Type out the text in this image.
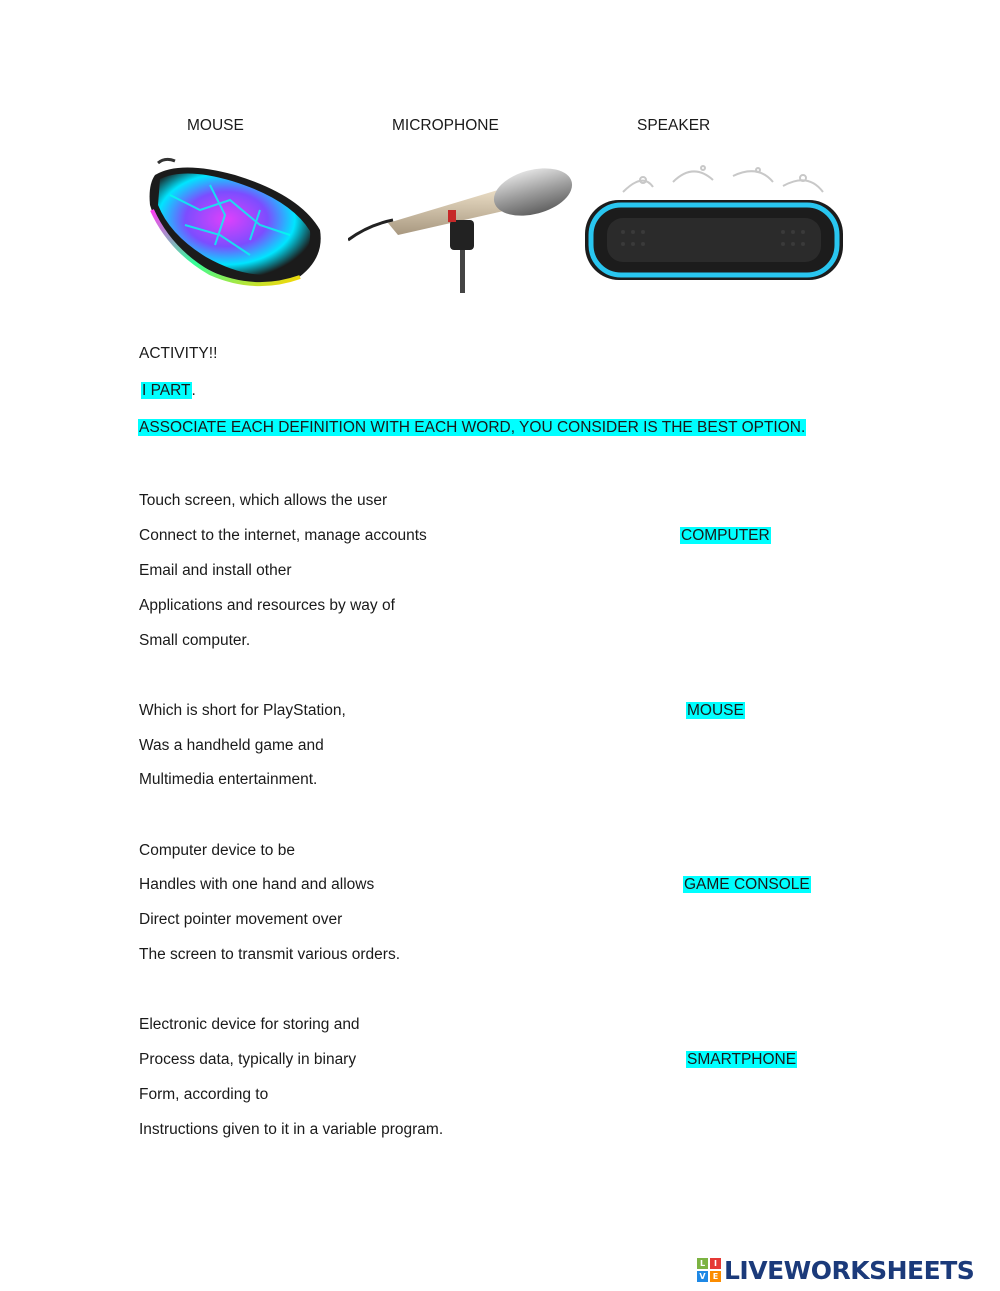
MOUSE	MICROPHONE	SPEAKER
ACTIVITY!!
I PART.
ASSOCIATE EACH DEFINITION WITH EACH WORD, YOU CONSIDER IS THE BEST OPTION.
Touch screen, which allows the user
Connect to the internet, manage accounts
Email and install other
Applications and resources by way of
Small computer.
COMPUTER
Which is short for PlayStation,
Was a handheld game and
Multimedia entertainment.
MOUSE
Computer device to be
Handles with one hand and allows
Direct pointer movement over
The screen to transmit various orders.
GAME CONSOLE
Electronic device for storing and
Process data, typically in binary
Form, according to
Instructions given to it in a variable program.
SMARTPHONE
L	I
V E LIVEWORKSHEETS
